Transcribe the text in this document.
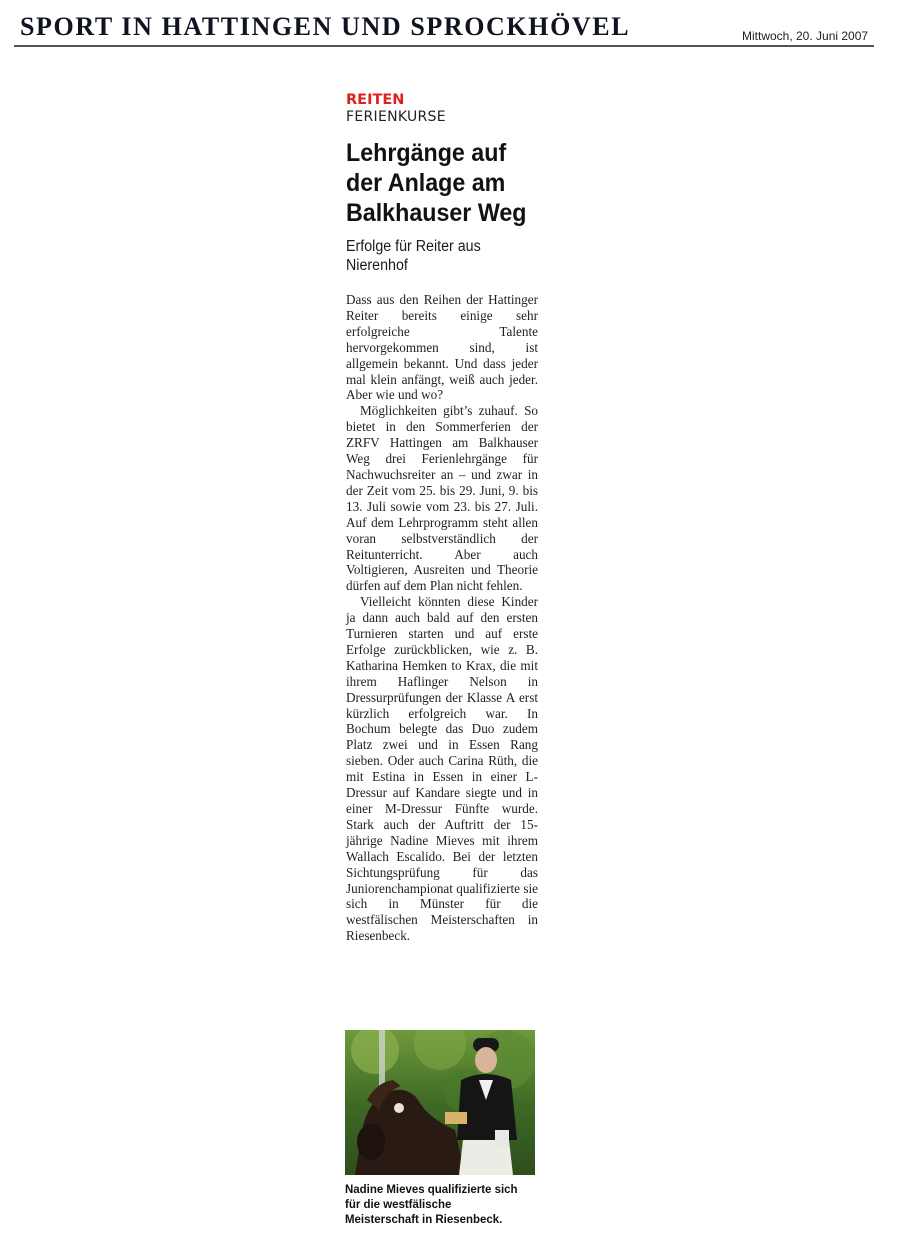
SPORT IN HATTINGEN UND SPROCKHÖVEL	Mittwoch, 20. Juni 2007
REITEN
FERIENKURSE
Lehrgänge auf der Anlage am Balkhauser Weg
Erfolge für Reiter aus Nierenhof

Dass aus den Reihen der Hattinger Reiter bereits einige sehr erfolgreiche Talente hervorgekommen sind, ist allgemein bekannt. Und dass jeder mal klein anfängt, weiß auch jeder. Aber wie und wo?

Möglichkeiten gibt’s zuhauf. So bietet in den Sommerferien der ZRFV Hattingen am Balkhauser Weg drei Ferienlehrgänge für Nachwuchsreiter an – und zwar in der Zeit vom 25. bis 29. Juni, 9. bis 13. Juli sowie vom 23. bis 27. Juli. Auf dem Lehrprogramm steht allen voran selbstverständlich der Reitunterricht. Aber auch Voltigieren, Ausreiten und Theorie dürfen auf dem Plan nicht fehlen.

Vielleicht könnten diese Kinder ja dann auch bald auf den ersten Turnieren starten und auf erste Erfolge zurückblicken, wie z. B. Katharina Hemken to Krax, die mit ihrem Haflinger Nelson in Dressurprüfungen der Klasse A erst kürzlich erfolgreich war. In Bochum belegte das Duo zudem Platz zwei und in Essen Rang sieben. Oder auch Carina Rüth, die mit Estina in Essen in einer L-Dressur auf Kandare siegte und in einer M-Dressur Fünfte wurde. Stark auch der Auftritt der 15-jährige Nadine Mieves mit ihrem Wallach Escalido. Bei der letzten Sichtungsprüfung für das Juniorenchampionat qualifizierte sie sich in Münster für die westfälischen Meisterschaften in Riesenbeck.

Nadine Mieves qualifizierte sich für die westfälische Meisterschaft in Riesenbeck.
